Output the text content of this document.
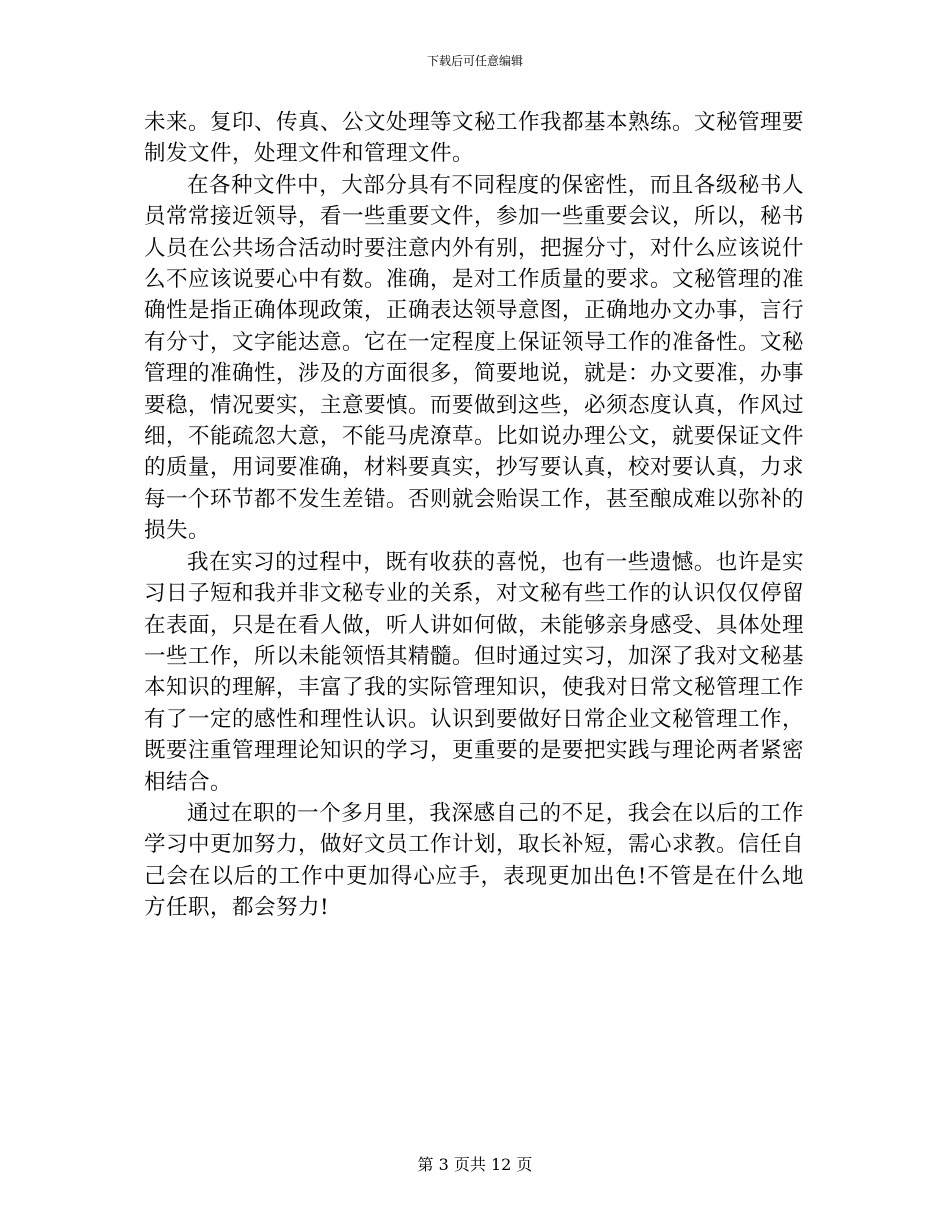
下载后可任意编辑

未来。复印、传真、公文处理等文秘工作我都基本熟练。文秘管理要制发文件，处理文件和管理文件。

在各种文件中，大部分具有不同程度的保密性，而且各级秘书人员常常接近领导，看一些重要文件，参加一些重要会议，所以，秘书人员在公共场合活动时要注意内外有别，把握分寸，对什么应该说什么不应该说要心中有数。准确，是对工作质量的要求。文秘管理的准确性是指正确体现政策，正确表达领导意图，正确地办文办事，言行有分寸，文字能达意。它在一定程度上保证领导工作的准备性。文秘管理的准确性，涉及的方面很多，简要地说，就是：办文要准，办事要稳，情况要实，主意要慎。而要做到这些，必须态度认真，作风过细，不能疏忽大意，不能马虎潦草。比如说办理公文，就要保证文件的质量，用词要准确，材料要真实，抄写要认真，校对要认真，力求每一个环节都不发生差错。否则就会贻误工作，甚至酿成难以弥补的损失。

我在实习的过程中，既有收获的喜悦，也有一些遗憾。也许是实习日子短和我并非文秘专业的关系，对文秘有些工作的认识仅仅停留在表面，只是在看人做，听人讲如何做，未能够亲身感受、具体处理一些工作，所以未能领悟其精髓。但时通过实习，加深了我对文秘基本知识的理解，丰富了我的实际管理知识，使我对日常文秘管理工作有了一定的感性和理性认识。认识到要做好日常企业文秘管理工作，既要注重管理理论知识的学习，更重要的是要把实践与理论两者紧密相结合。

通过在职的一个多月里，我深感自己的不足，我会在以后的工作学习中更加努力，做好文员工作计划，取长补短，需心求教。信任自己会在以后的工作中更加得心应手，表现更加出色!不管是在什么地方任职，都会努力!

第 3 页共 12 页
